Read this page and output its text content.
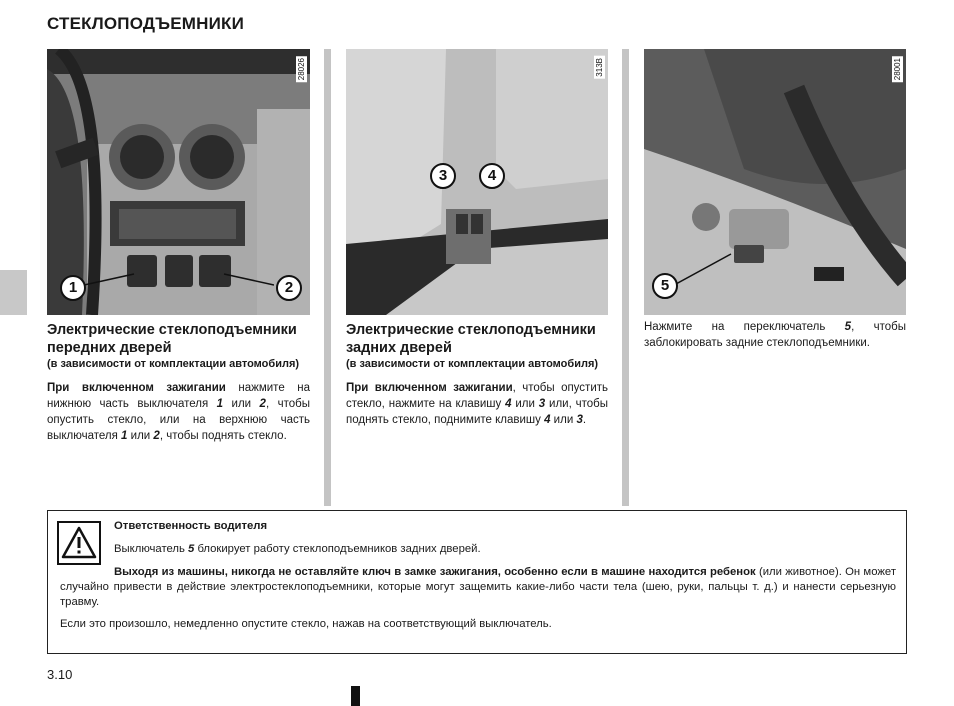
СТЕКЛОПОДЪЕМНИКИ
28026
1	2
313B
3	4
28001
5
Электрические стеклоподъемники передних дверей
(в зависимости от комплектации автомобиля)
При включенном зажигании нажмите на нижнюю часть выключателя 1 или 2, чтобы опустить стекло, или на верхнюю часть выключателя 1 или 2, чтобы поднять стекло.
Электрические стеклоподъемники задних дверей
(в зависимости от комплектации автомобиля)
При включенном зажигании, чтобы опустить стекло, нажмите на клавишу 4 или 3 или, чтобы поднять стекло, поднимите клавишу 4 или 3.
Нажмите на переключатель 5, чтобы заблокировать задние стеклоподъемники.
Ответственность водителя
Выключатель 5 блокирует работу стеклоподъемников задних дверей.
Выходя из машины, никогда не оставляйте ключ в замке зажигания, особенно если в машине находится ребенок (или животное). Он может случайно привести в действие электростеклоподъемники, которые могут защемить какие-либо части тела (шею, руки, пальцы т. д.) и нанести серьезную травму.
Если это произошло, немедленно опустите стекло, нажав на соответствующий выключатель.
3.10
